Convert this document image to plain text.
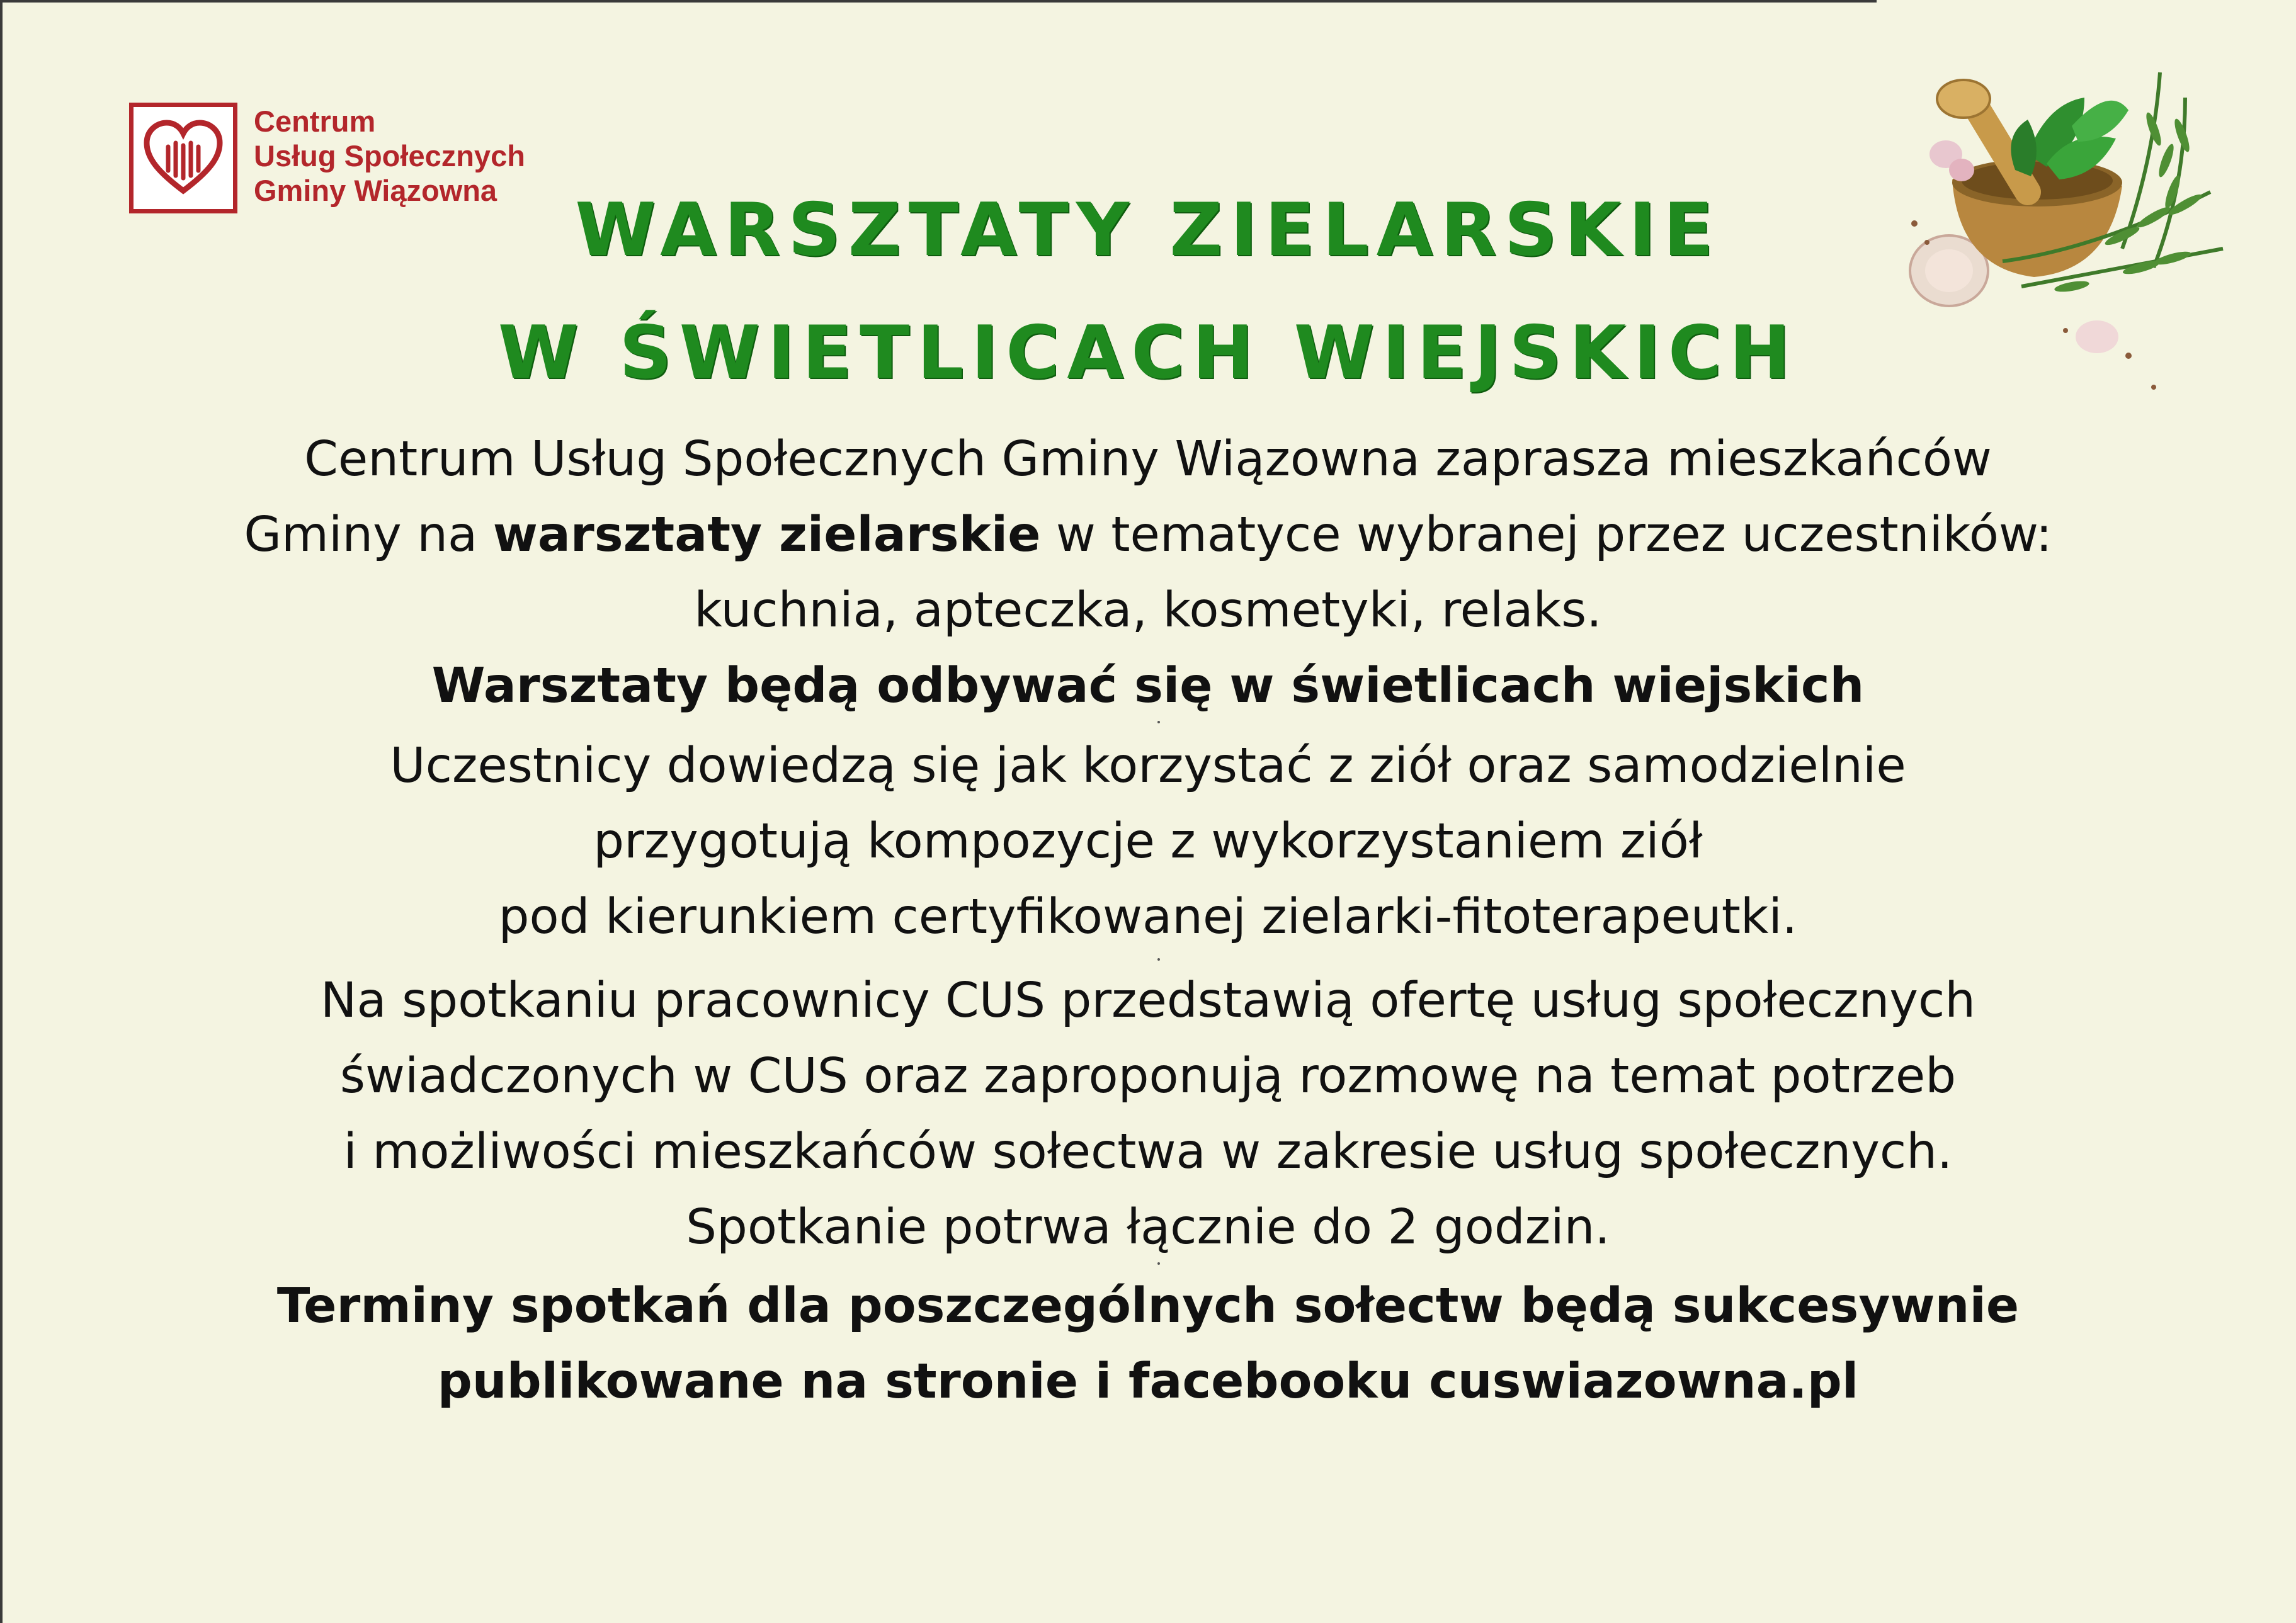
Centrum
Usług Społecznych
Gminy Wiązowna	WARSZTATY ZIELARSKIE
W ŚWIETLICACH WIEJSKICH
Centrum Usług Społecznych Gminy Wiązowna zaprasza mieszkańców
Gminy na warsztaty zielarskie w tematyce wybranej przez uczestników:
kuchnia, apteczka, kosmetyki, relaks.
Warsztaty będą odbywać się w świetlicach wiejskich
Uczestnicy dowiedzą się jak korzystać z ziół oraz samodzielnie
przygotują kompozycje z wykorzystaniem ziół
pod kierunkiem certyfikowanej zielarki-fitoterapeutki.
Na spotkaniu pracownicy CUS przedstawią ofertę usług społecznych
świadczonych w CUS oraz zaproponują rozmowę na temat potrzeb
i możliwości mieszkańców sołectwa w zakresie usług społecznych.
Spotkanie potrwa łącznie do 2 godzin.
Terminy spotkań dla poszczególnych sołectw będą sukcesywnie
publikowane na stronie i facebooku cuswiazowna.pl
